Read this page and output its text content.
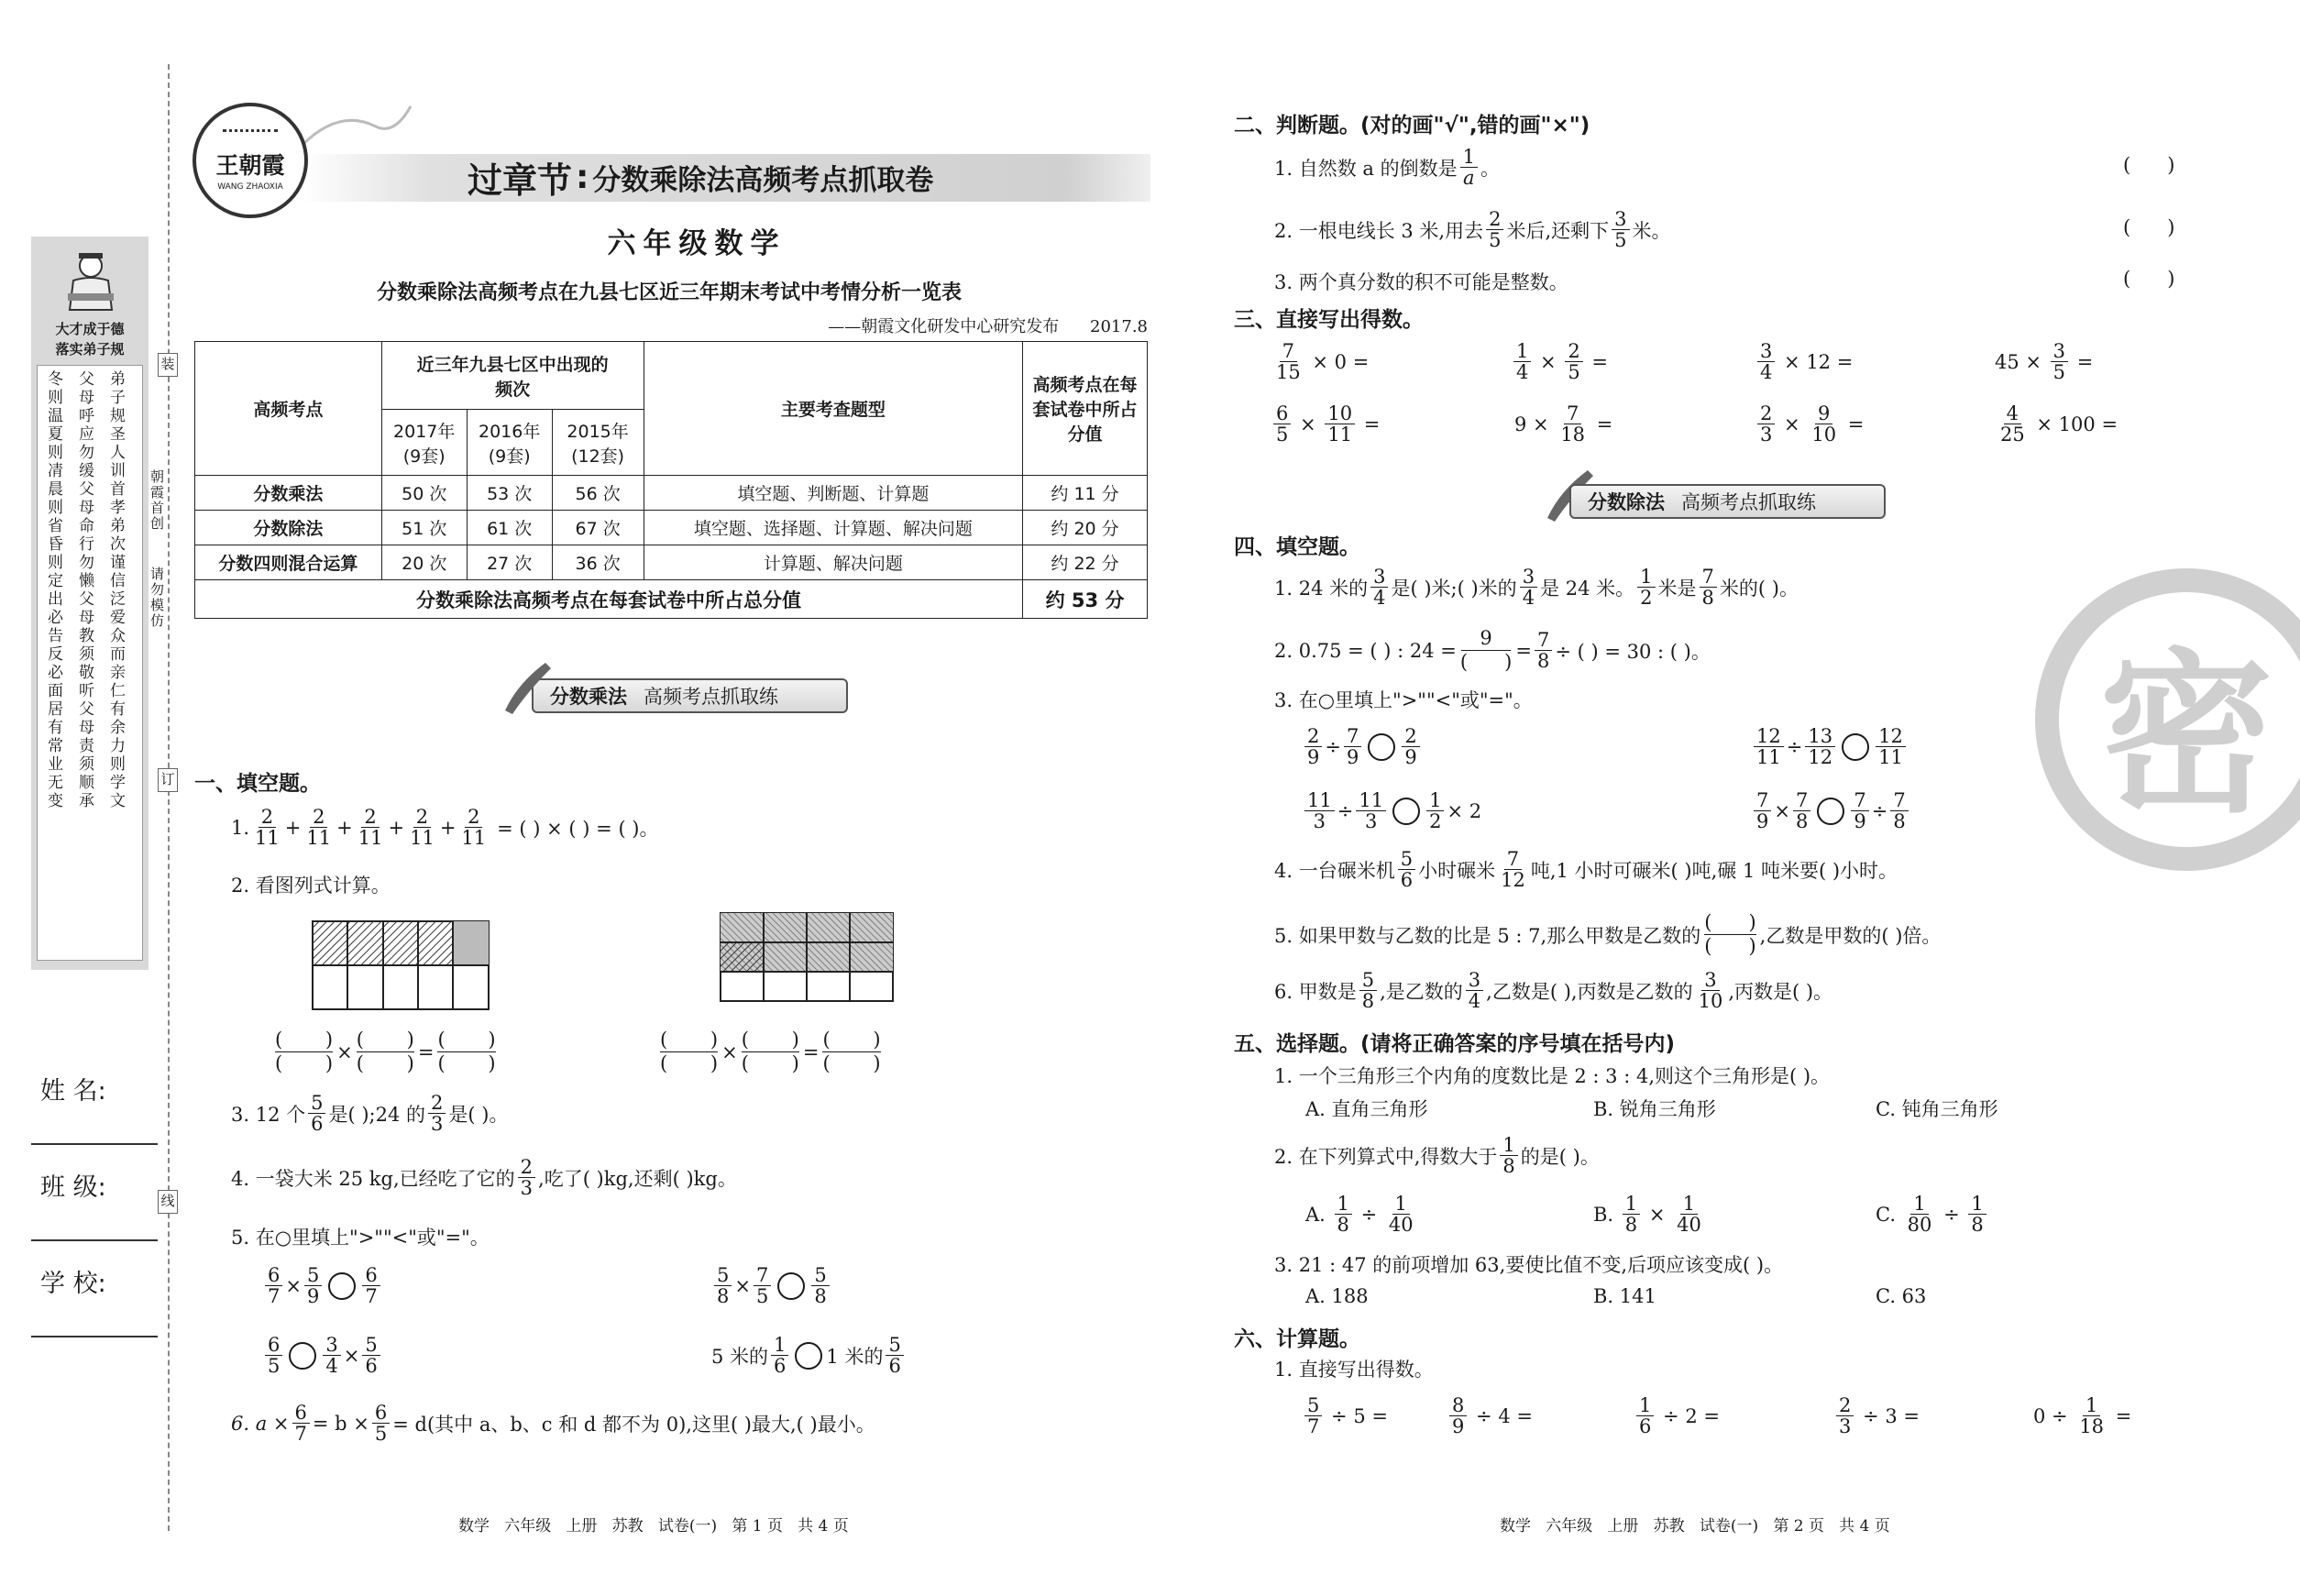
大才成于德
落实弟子规
冬则温夏则凊晨则省昏则定出必告反必面居有常业无变
父母呼应勿缓父母命行勿懒父母教须敬听父母责须顺承
弟子规圣人训首孝弟次谨信泛爱众而亲仁有余力则学文
朝霞首创
请勿模仿
装
订
线
姓 名:
班 级:
学 校:
王朝霞
WANG ZHAOXIA	过章节 : 分数乘除法高频考点抓取卷
六年级数学
分数乘除法高频考点在九县七区近三年期末考试中考情分析一览表
——朝霞文化研发中心研究发布 2017.8
高频考点	近三年九县七区中出现的频次			主要考查题型	高频考点在每套试卷中所占分值
	2017年(9套)	2016年(9套)	2015年(12套)		
分数乘法	50 次	53 次	56 次	填空题、判断题、计算题	约 11 分
分数除法	51 次	61 次	67 次	填空题、选择题、计算题、解决问题	约 20 分
分数四则混合运算	20 次	27 次	36 次	计算题、解决问题	约 22 分
分数乘除法高频考点在每套试卷中所占总分值					约 53 分
分数乘法 高频考点抓取练
一、填空题。
1. $\frac{2}{11} + \frac{2}{11} + \frac{2}{11} + \frac{2}{11} + \frac{2}{11}$ = ( ) × ( ) = ( )。
2. 看图列式计算。
(       )
(       )
×
(       )
(       )
=
(       )
(       )
(       )
(       )
×
(       )
(       )
=
(       )
(       )
3. 12 个 $\frac{5}{6}$ 是( );24 的 $\frac{2}{3}$ 是( )。
4. 一袋大米 25 kg,已经吃了它的 $\frac{2}{3}$ ,吃了( )kg,还剩( )kg。
5. 在○里填上">""<"或"="。
$\frac{6}{7} \times \frac{5}{9} \frac{6}{7}$	$\frac{5}{8} \times \frac{7}{5} \frac{5}{8}$
$\frac{6}{5} \frac{3}{4} \times \frac{5}{6}$	5 米的 $\frac{1}{6} 1$ 米的 $\frac{5}{6}$
6. $a \times \frac{6}{7} = b \times \frac{6}{5} = d$(其中 a、b、c 和 d 都不为 0),这里( )最大,( )最小。
数学   六年级   上册   苏教   试卷(一)   第 1 页   共 4 页
密
二、判断题。(对的画"√",错的画"×")
1. 自然数 a 的倒数是 $\frac{1}{a}$ 。	(      )
2. 一根电线长 3 米,用去 $\frac{2}{5}$ 米后,还剩下 $\frac{3}{5}$ 米。	(      )
3. 两个真分数的积不可能是整数。	(      )
三、直接写出得数。
$\frac{7}{15} \times 0$ =	$\frac{1}{4} \times \frac{2}{5}$ =	$\frac{3}{4} \times 12$ =	$45 \times \frac{3}{5}$ =
$\frac{6}{5} \times \frac{10}{11}$ =	$9 \times \frac{7}{18}$ =	$\frac{2}{3} \times \frac{9}{10}$ =	$\frac{4}{25} \times 100$ =
分数除法 高频考点抓取练
四、填空题。
1. 24 米的 $\frac{3}{4}$ 是( )米;( )米的 $\frac{3}{4}$ 是 24 米。 $\frac{1}{2}$ 米是 $\frac{7}{8}$ 米的( )。
2. 0.75 = ( ) : 24 =
9
(      )
= $\frac{7}{8}$ ÷ ( ) = 30 : ( )。
3. 在○里填上">""<"或"="。
$\frac{2}{9} \div \frac{7}{9} \frac{2}{9}$	$\frac{12}{11} \div \frac{13}{12} \frac{12}{11}$
$\frac{11}{3} \div \frac{11}{3} \frac{1}{2} \times 2$	$\frac{7}{9} \times \frac{7}{8} \frac{7}{9} \div \frac{7}{8}$
4. 一台碾米机 $\frac{5}{6}$ 小时碾米 $\frac{7}{12}$ 吨,1 小时可碾米( )吨,碾 1 吨米要( )小时。
5. 如果甲数与乙数的比是 5 : 7,那么甲数是乙数的
(      )
(      ) ,乙数是甲数的( )倍。
6. 甲数是 $\frac{5}{8}$ ,是乙数的 $\frac{3}{4}$ ,乙数是( ),丙数是乙数的 $\frac{3}{10}$ ,丙数是( )。
五、选择题。(请将正确答案的序号填在括号内)
1. 一个三角形三个内角的度数比是 2 : 3 : 4,则这个三角形是( )。
A. 直角三角形	B. 锐角三角形	C. 钝角三角形
2. 在下列算式中,得数大于 $\frac{1}{8}$ 的是( )。
A. $\frac{1}{8} \div \frac{1}{40}$	B. $\frac{1}{8} \times \frac{1}{40}$	C. $\frac{1}{80} \div \frac{1}{8}$
3. 21 : 47 的前项增加 63,要使比值不变,后项应该变成( )。
A. 188	B. 141	C. 63
六、计算题。
1. 直接写出得数。
$\frac{5}{7} \div 5$ =	$\frac{8}{9} \div 4$ =	$\frac{1}{6} \div 2$ =	$\frac{2}{3} \div 3$ =	$0 \div \frac{1}{18}$ =
数学   六年级   上册   苏教   试卷(一)   第 2 页   共 4 页
